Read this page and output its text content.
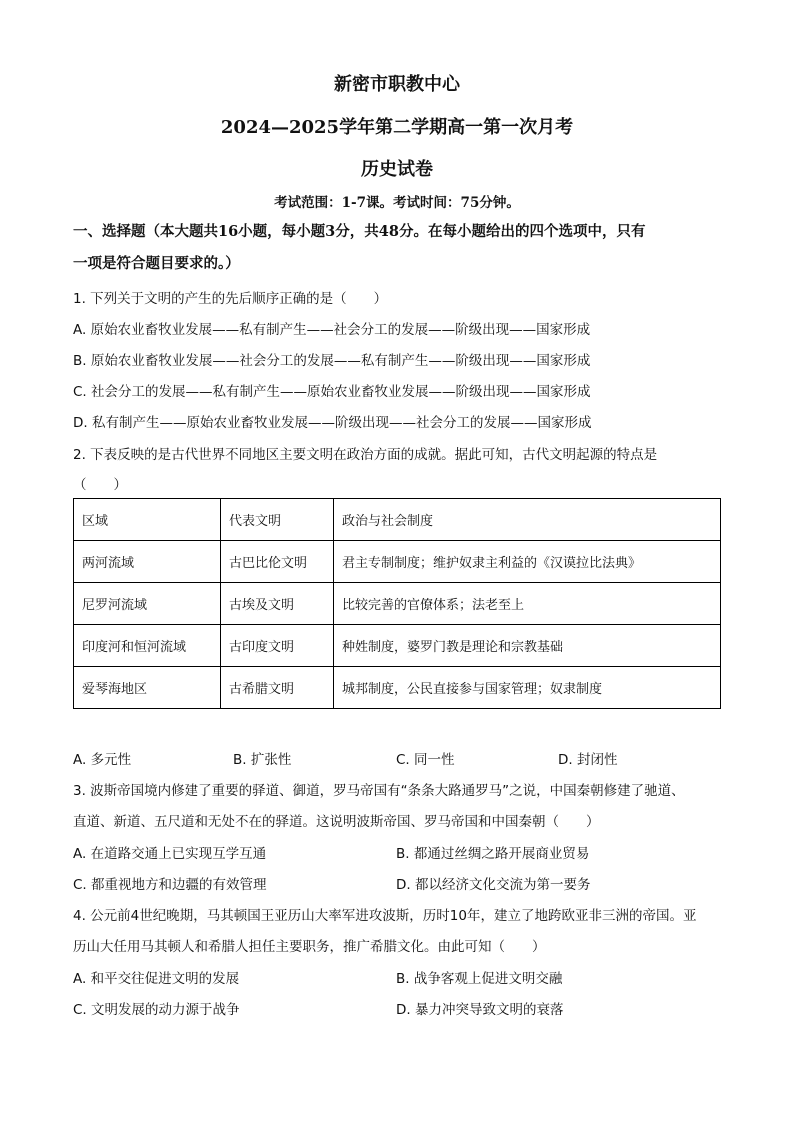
新密市职教中心
2024—2025学年第二学期高一第一次月考
历史试卷
考试范围：1-7课。考试时间：75分钟。
一、选择题（本大题共16小题，每小题3分，共48分。在每小题给出的四个选项中，只有
一项是符合题目要求的。）
1. 下列关于文明的产生的先后顺序正确的是（　　）
A. 原始农业畜牧业发展——私有制产生——社会分工的发展——阶级出现——国家形成
B. 原始农业畜牧业发展——社会分工的发展——私有制产生——阶级出现——国家形成
C. 社会分工的发展——私有制产生——原始农业畜牧业发展——阶级出现——国家形成
D. 私有制产生——原始农业畜牧业发展——阶级出现——社会分工的发展——国家形成
2. 下表反映的是古代世界不同地区主要文明在政治方面的成就。据此可知，古代文明起源的特点是
（　　）
区域	代表文明	政治与社会制度
两河流域	古巴比伦文明	君主专制制度；维护奴隶主利益的《汉谟拉比法典》
尼罗河流域	古埃及文明	比较完善的官僚体系；法老至上
印度河和恒河流域	古印度文明	种姓制度，婆罗门教是理论和宗教基础
爱琴海地区	古希腊文明	城邦制度，公民直接参与国家管理；奴隶制度
A. 多元性	B. 扩张性	C. 同一性	D. 封闭性
3. 波斯帝国境内修建了重要的驿道、御道，罗马帝国有“条条大路通罗马”之说，中国秦朝修建了驰道、
直道、新道、五尺道和无处不在的驿道。这说明波斯帝国、罗马帝国和中国秦朝（　　）
A. 在道路交通上已实现互学互通	B. 都通过丝绸之路开展商业贸易
C. 都重视地方和边疆的有效管理	D. 都以经济文化交流为第一要务
4. 公元前4世纪晚期，马其顿国王亚历山大率军进攻波斯，历时10年，建立了地跨欧亚非三洲的帝国。亚
历山大任用马其顿人和希腊人担任主要职务，推广希腊文化。由此可知（　　）
A. 和平交往促进文明的发展	B. 战争客观上促进文明交融
C. 文明发展的动力源于战争	D. 暴力冲突导致文明的衰落
